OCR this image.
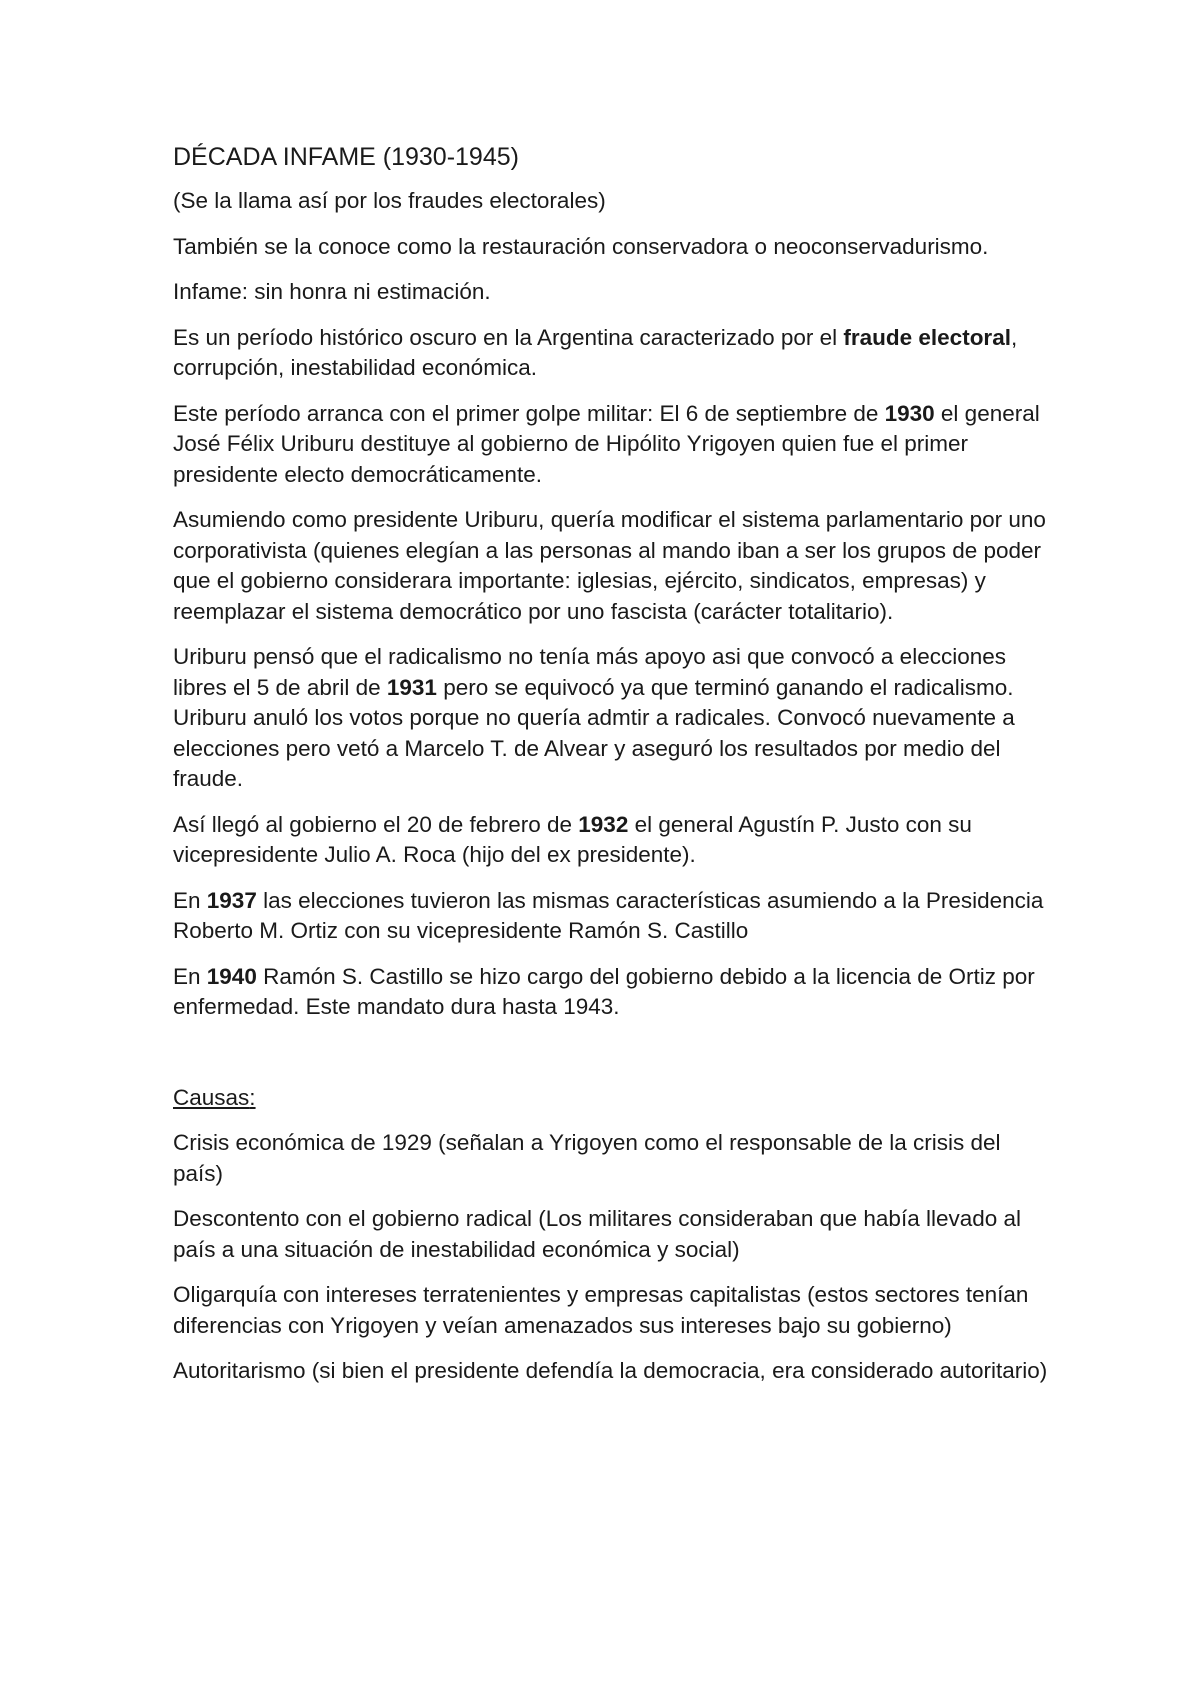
DÉCADA INFAME (1930-1945)

(Se la llama así por los fraudes electorales)

También se la conoce como la restauración conservadora o neoconservadurismo.

Infame: sin honra ni estimación.

Es un período histórico oscuro en la Argentina caracterizado por el fraude electoral, corrupción, inestabilidad económica.

Este período arranca con el primer golpe militar: El 6 de septiembre de 1930 el general José Félix Uriburu destituye al gobierno de Hipólito Yrigoyen quien fue el primer presidente electo democráticamente.

Asumiendo como presidente Uriburu, quería modificar el sistema parlamentario por uno corporativista (quienes elegían a las personas al mando iban a ser los grupos de poder que el gobierno considerara importante: iglesias, ejército, sindicatos, empresas) y reemplazar el sistema democrático por uno fascista (carácter totalitario).

Uriburu pensó que el radicalismo no tenía más apoyo asi que convocó a elecciones libres el 5 de abril de 1931 pero se equivocó ya que terminó ganando el radicalismo. Uriburu anuló los votos porque no quería admtir a radicales. Convocó nuevamente a elecciones pero vetó a Marcelo T. de Alvear y aseguró los resultados por medio del fraude.

Así llegó al gobierno el 20 de febrero de 1932 el general Agustín P. Justo con su vicepresidente Julio A. Roca (hijo del ex presidente).

En 1937 las elecciones tuvieron las mismas características asumiendo a la Presidencia Roberto M. Ortiz con su vicepresidente Ramón S. Castillo

En 1940 Ramón S. Castillo se hizo cargo del gobierno debido a la licencia de Ortiz por enfermedad. Este mandato dura hasta 1943.

Causas:

Crisis económica de 1929 (señalan a Yrigoyen como el responsable de la crisis del país)

Descontento con el gobierno radical (Los militares consideraban que había llevado al país a una situación de inestabilidad económica y social)

Oligarquía con intereses terratenientes y empresas capitalistas (estos sectores tenían diferencias con Yrigoyen y veían amenazados sus intereses bajo su gobierno)

Autoritarismo (si bien el presidente defendía la democracia, era considerado autoritario)
